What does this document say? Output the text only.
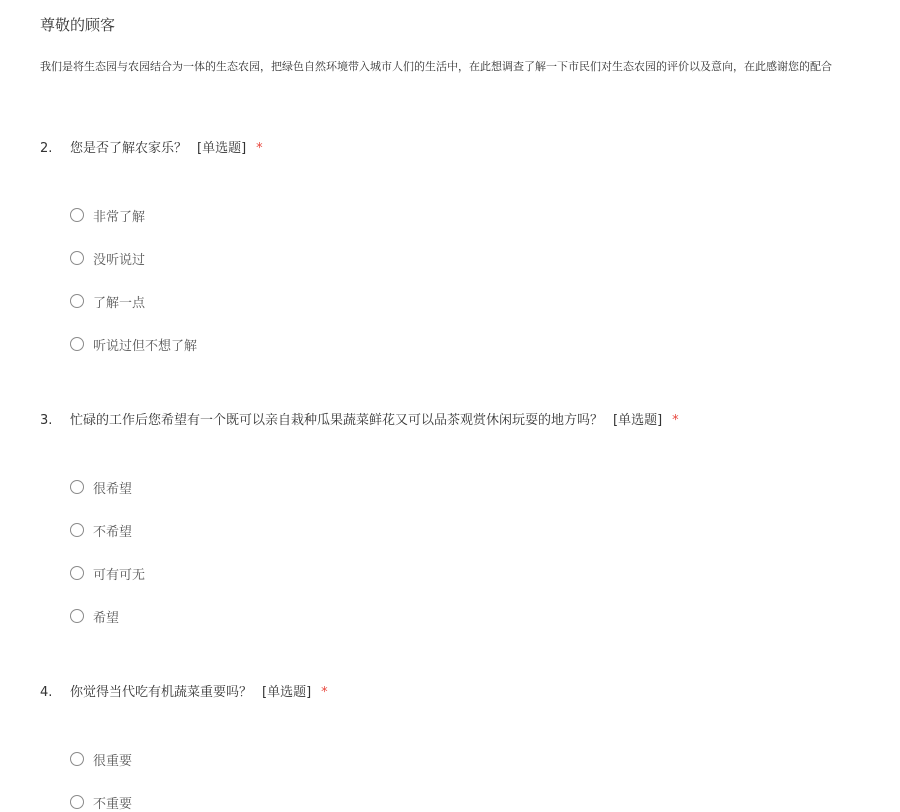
尊敬的顾客
我们是将生态园与农园结合为一体的生态农园，把绿色自然环境带入城市人们的生活中，在此想调查了解一下市民们对生态农园的评价以及意向，在此感谢您的配合
2. 您是否了解农家乐？ [单选题] *
非常了解
没听说过
了解一点
听说过但不想了解
3. 忙碌的工作后您希望有一个既可以亲自栽种瓜果蔬菜鲜花又可以品茶观赏休闲玩耍的地方吗？ [单选题] *
很希望
不希望
可有可无
希望
4. 你觉得当代吃有机蔬菜重要吗？ [单选题] *
很重要
不重要
